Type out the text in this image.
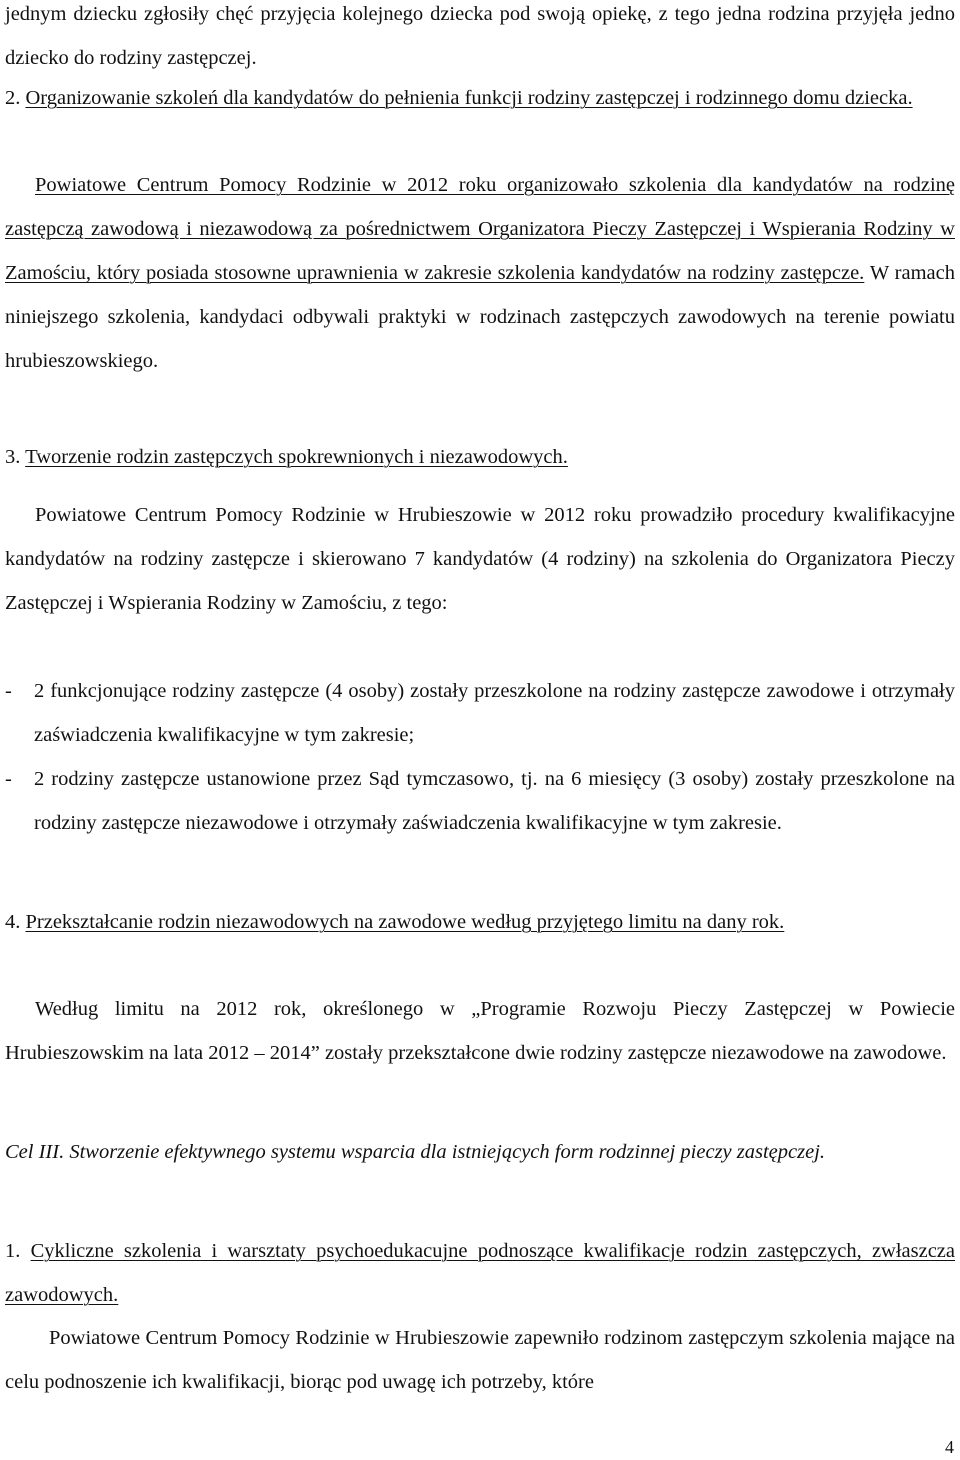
jednym dziecku zgłosiły chęć przyjęcia kolejnego dziecka pod swoją opiekę, z tego jedna rodzina przyjęła jedno dziecko do rodziny zastępczej.

2. Organizowanie szkoleń dla kandydatów do pełnienia funkcji rodziny zastępczej i rodzinnego domu dziecka.

Powiatowe Centrum Pomocy Rodzinie w 2012 roku organizowało szkolenia dla kandydatów na rodzinę zastępczą zawodową i niezawodową za pośrednictwem Organizatora Pieczy Zastępczej i Wspierania Rodziny w Zamościu, który posiada stosowne uprawnienia w zakresie szkolenia kandydatów na rodziny zastępcze. W ramach niniejszego szkolenia, kandydaci odbywali praktyki w rodzinach zastępczych zawodowych na terenie powiatu hrubieszowskiego.

3. Tworzenie rodzin zastępczych spokrewnionych i niezawodowych.

Powiatowe Centrum Pomocy Rodzinie w Hrubieszowie w 2012 roku prowadziło procedury kwalifikacyjne kandydatów na rodziny zastępcze i skierowano 7 kandydatów (4 rodziny) na szkolenia do Organizatora Pieczy Zastępczej i Wspierania Rodziny w Zamościu, z tego:

- 2 funkcjonujące rodziny zastępcze (4 osoby) zostały przeszkolone na rodziny zastępcze zawodowe i otrzymały zaświadczenia kwalifikacyjne w tym zakresie;

- 2 rodziny zastępcze ustanowione przez Sąd tymczasowo, tj. na 6 miesięcy (3 osoby) zostały przeszkolone na rodziny zastępcze niezawodowe i otrzymały zaświadczenia kwalifikacyjne w tym zakresie.

4. Przekształcanie rodzin niezawodowych na zawodowe według przyjętego limitu na dany rok.

Według limitu na 2012 rok, określonego w „Programie Rozwoju Pieczy Zastępczej w Powiecie Hrubieszowskim na lata 2012 – 2014” zostały przekształcone dwie rodziny zastępcze niezawodowe na zawodowe.

Cel III. Stworzenie efektywnego systemu wsparcia dla istniejących form rodzinnej pieczy zastępczej.

1. Cykliczne szkolenia i warsztaty psychoedukacujne podnoszące kwalifikacje rodzin zastępczych, zwłaszcza zawodowych.

Powiatowe Centrum Pomocy Rodzinie w Hrubieszowie zapewniło rodzinom zastępczym szkolenia mające na celu podnoszenie ich kwalifikacji, biorąc pod uwagę ich potrzeby, które

4
